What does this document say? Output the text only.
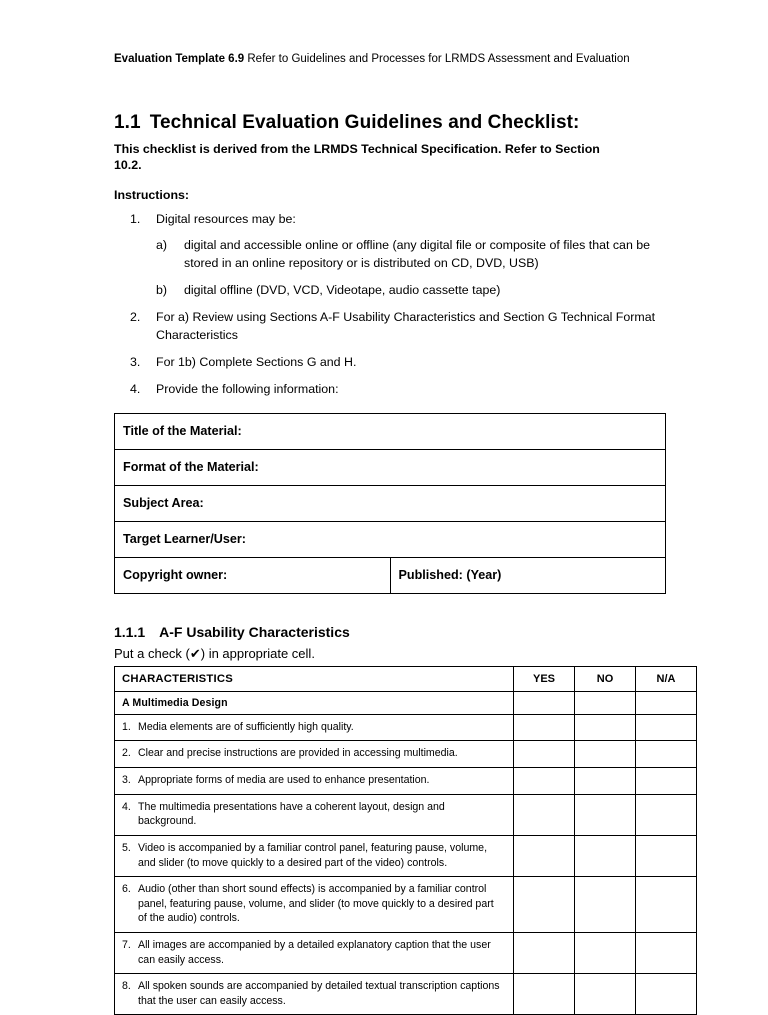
Evaluation Template 6.9 Refer to Guidelines and Processes for LRMDS Assessment and Evaluation
1.1 Technical Evaluation Guidelines and Checklist:
This checklist is derived from the LRMDS Technical Specification. Refer to Section 10.2.
Instructions:
1.	Digital resources may be:
a) digital and accessible online or offline (any digital file or composite of files that can be stored in an online repository or is distributed on CD, DVD, USB)
b) digital offline (DVD, VCD, Videotape, audio cassette tape)
2.	For a) Review using Sections A-F Usability Characteristics and Section G Technical Format Characteristics
3.	For 1b) Complete Sections G and H.
4.	Provide the following information:
Title of the Material:
Format of the Material:
Subject Area:
Target Learner/User:
Copyright owner:	Published: (Year)
1.1.1 A-F Usability Characteristics
Put a check (✔) in appropriate cell.
CHARACTERISTICS	YES	NO	N/A
A Multimedia Design			
1. Media elements are of sufficiently high quality.			
2. Clear and precise instructions are provided in accessing multimedia.			
3. Appropriate forms of media are used to enhance presentation.			
4. The multimedia presentations have a coherent layout, design and background.			
5. Video is accompanied by a familiar control panel, featuring pause, volume, and slider (to move quickly to a desired part of the video) controls.			
6. Audio (other than short sound effects) is accompanied by a familiar control panel, featuring pause, volume, and slider (to move quickly to a desired part of the audio) controls.			
7. All images are accompanied by a detailed explanatory caption that the user can easily access.			
8. All spoken sounds are accompanied by detailed textual transcription captions that the user can easily access.			
